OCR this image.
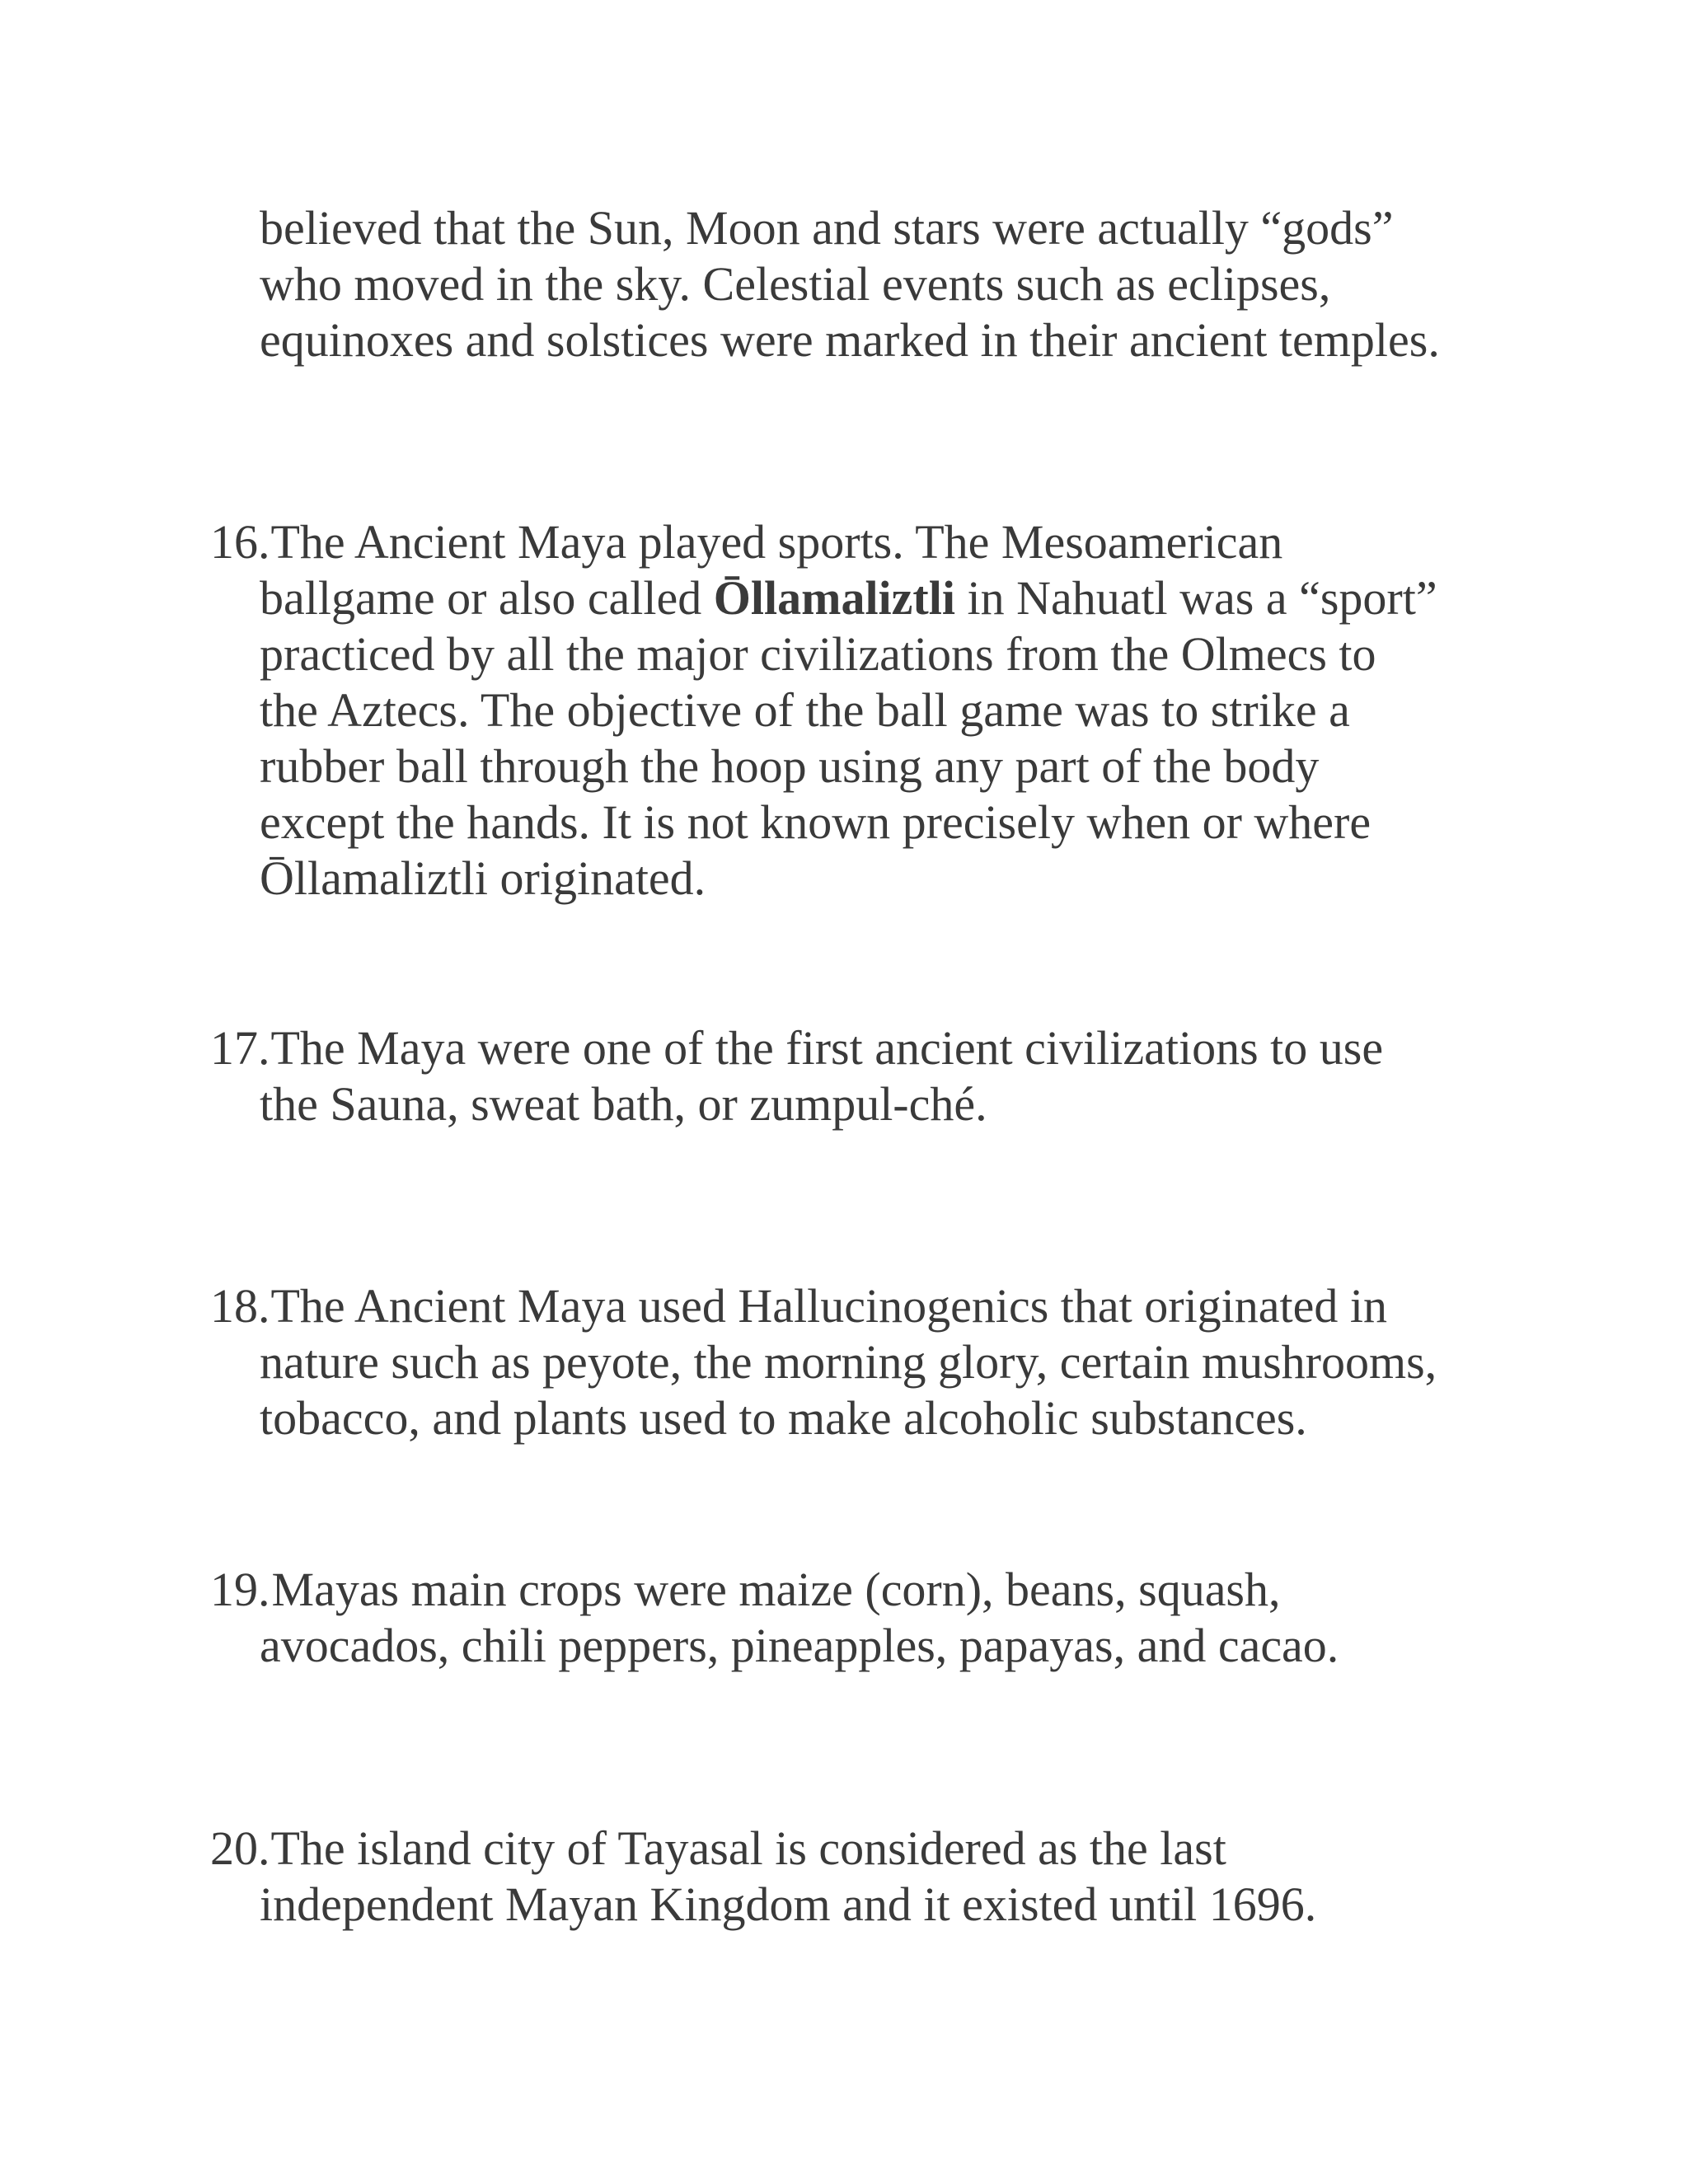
believed that the Sun, Moon and stars were actually “gods”
who moved in the sky. Celestial events such as eclipses,
equinoxes and solstices were marked in their ancient temples.
16. The Ancient Maya played sports. The Mesoamerican
ballgame or also called Ōllamaliztli in Nahuatl was a “sport”
practiced by all the major civilizations from the Olmecs to
the Aztecs. The objective of the ball game was to strike a
rubber ball through the hoop using any part of the body
except the hands. It is not known precisely when or where
Ōllamaliztli originated.
17. The Maya were one of the first ancient civilizations to use
the Sauna, sweat bath, or zumpul-ché.
18. The Ancient Maya used Hallucinogenics that originated in
nature such as peyote, the morning glory, certain mushrooms,
tobacco, and plants used to make alcoholic substances.
19. Mayas main crops were maize (corn), beans, squash,
avocados, chili peppers, pineapples, papayas, and cacao.
20. The island city of Tayasal is considered as the last
independent Mayan Kingdom and it existed until 1696.
